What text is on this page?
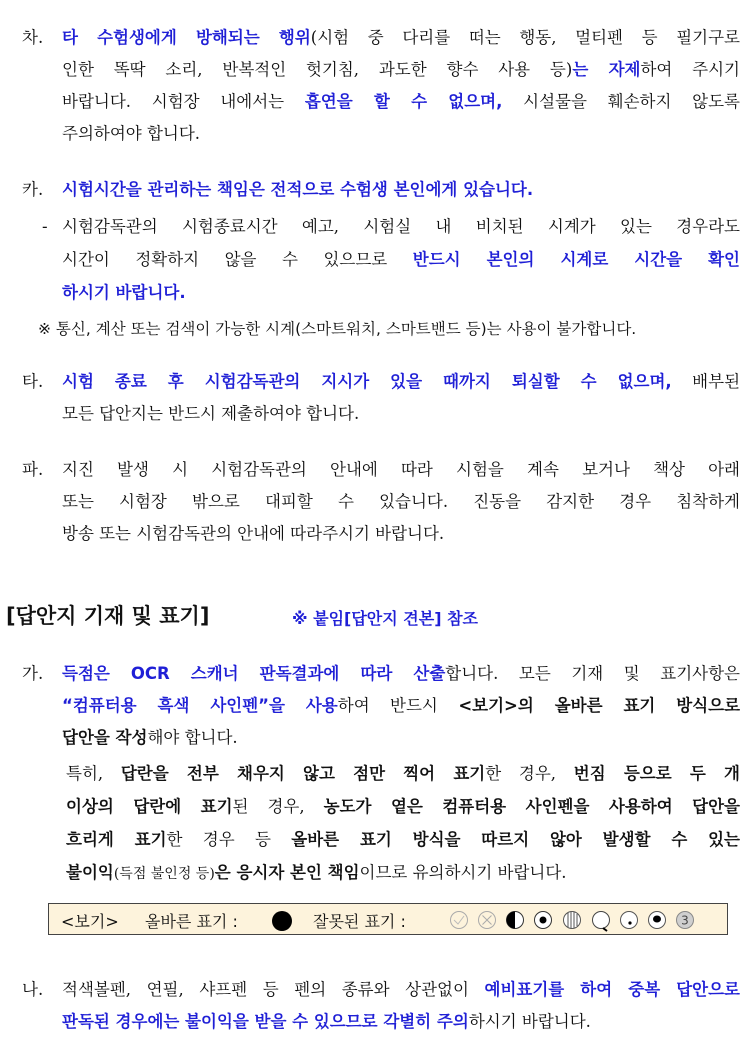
차. 타 수험생에게 방해되는 행위(시험 중 다리를 떠는 행동, 멀티펜 등 필기구로
인한 똑딱 소리, 반복적인 헛기침, 과도한 향수 사용 등)는 자제하여 주시기
바랍니다. 시험장 내에서는 흡연을 할 수 없으며, 시설물을 훼손하지 않도록
주의하여야 합니다.
카. 시험시간을 관리하는 책임은 전적으로 수험생 본인에게 있습니다.
- 시험감독관의 시험종료시간 예고, 시험실 내 비치된 시계가 있는 경우라도
시간이 정확하지 않을 수 있으므로 반드시 본인의 시계로 시간을 확인
하시기 바랍니다.
※ 통신, 계산 또는 검색이 가능한 시계(스마트워치, 스마트밴드 등)는 사용이 불가합니다.
타. 시험 종료 후 시험감독관의 지시가 있을 때까지 퇴실할 수 없으며, 배부된
모든 답안지는 반드시 제출하여야 합니다.
파. 지진 발생 시 시험감독관의 안내에 따라 시험을 계속 보거나 책상 아래
또는 시험장 밖으로 대피할 수 있습니다. 진동을 감지한 경우 침착하게
방송 또는 시험감독관의 안내에 따라주시기 바랍니다.
[답안지 기재 및 표기]	※ 붙임[답안지 견본] 참조
가. 득점은 OCR 스캐너 판독결과에 따라 산출합니다. 모든 기재 및 표기사항은
“컴퓨터용 흑색 사인펜”을 사용하여 반드시 <보기>의 올바른 표기 방식으로
답안을 작성해야 합니다.
특히, 답란을 전부 채우지 않고 점만 찍어 표기한 경우, 번짐 등으로 두 개
이상의 답란에 표기된 경우, 농도가 옅은 컴퓨터용 사인펜을 사용하여 답안을
흐리게 표기한 경우 등 올바른 표기 방식을 따르지 않아 발생할 수 있는
불이익(득점 불인정 등)은 응시자 본인 책임이므로 유의하시기 바랍니다.
<보기> 올바른 표기 :	잘못된 표기 :	3
나. 적색볼펜, 연필, 샤프펜 등 펜의 종류와 상관없이 예비표기를 하여 중복 답안으로
판독된 경우에는 불이익을 받을 수 있으므로 각별히 주의하시기 바랍니다.
